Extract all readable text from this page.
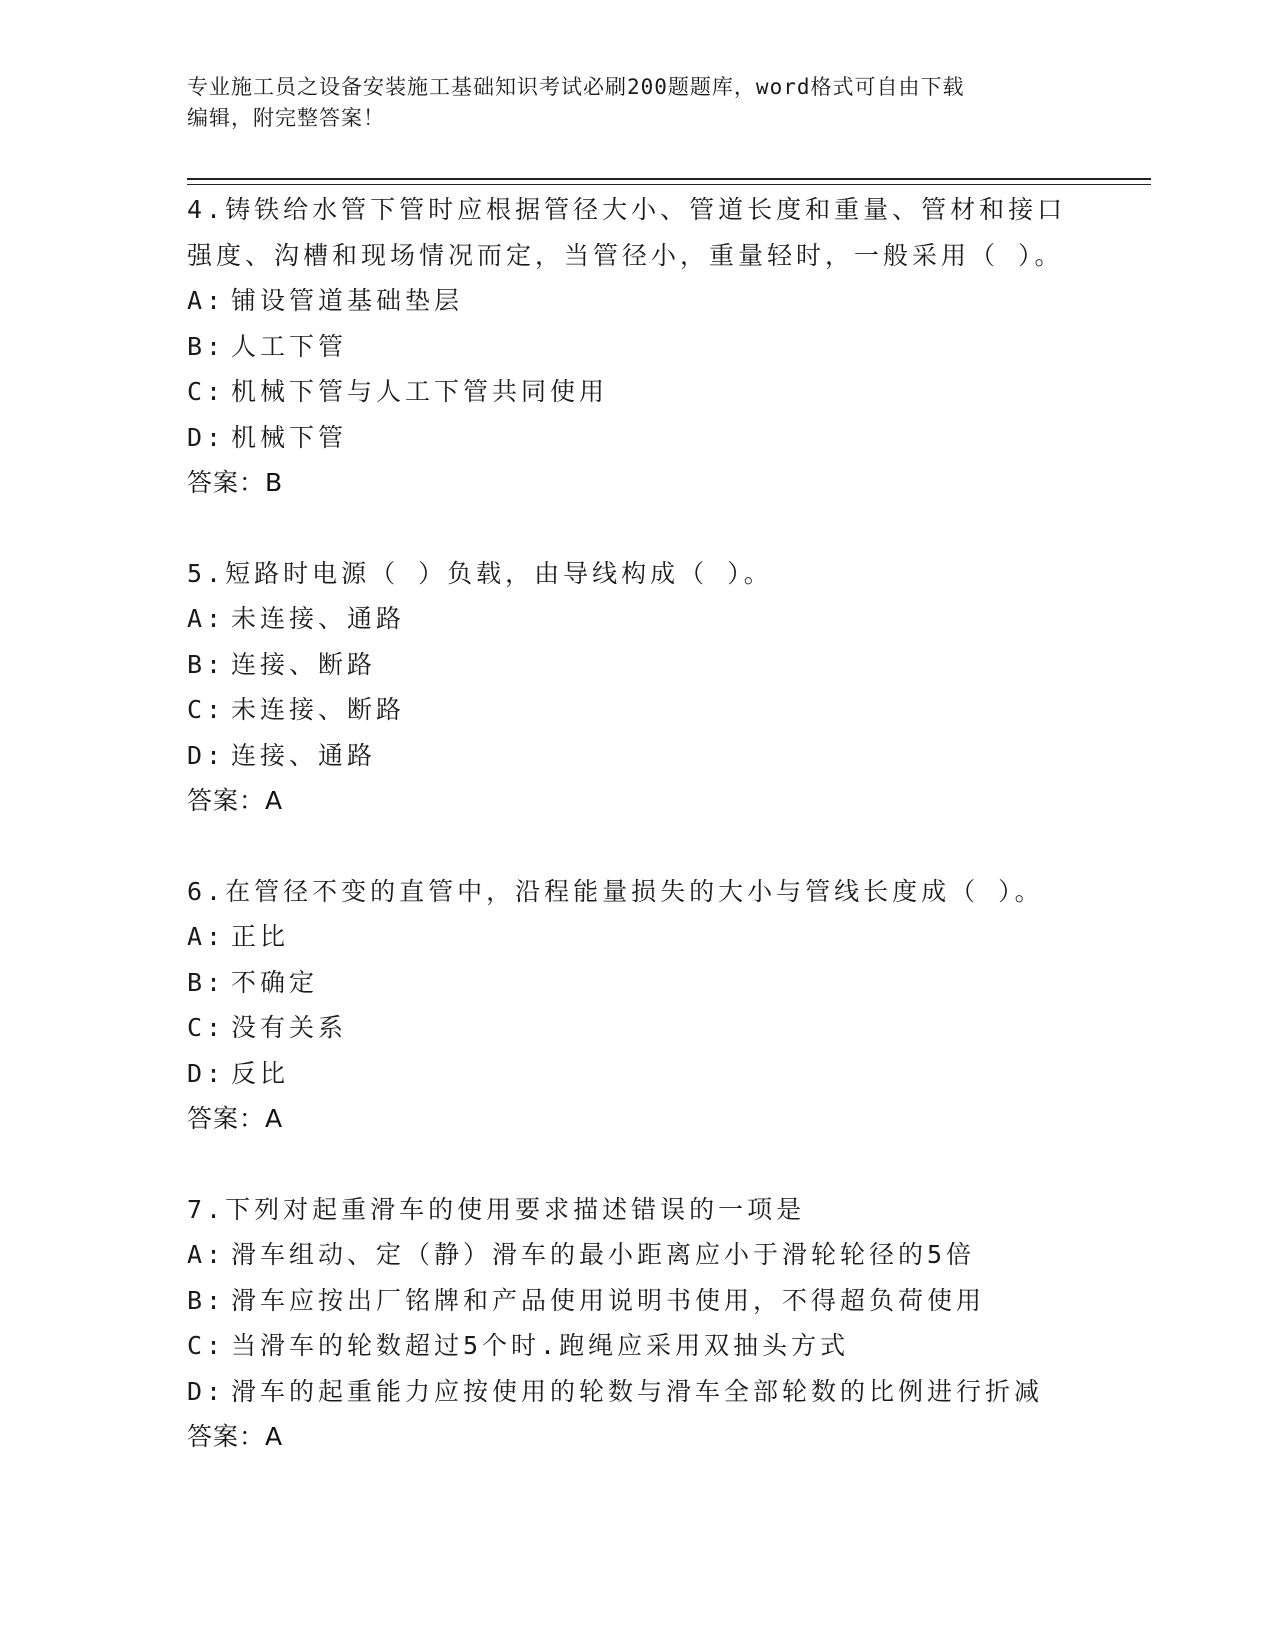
专业施工员之设备安装施工基础知识考试必刷200题题库，word格式可自由下载
编辑，附完整答案！
4.铸铁给水管下管时应根据管径大小、管道长度和重量、管材和接口
强度、沟槽和现场情况而定，当管径小，重量轻时，一般采用（ ）。
A: 铺设管道基础垫层
B: 人工下管
C: 机械下管与人工下管共同使用
D: 机械下管
答案：B
5.短路时电源（ ）负载，由导线构成（ ）。
A: 未连接、通路
B: 连接、断路
C: 未连接、断路
D: 连接、通路
答案：A
6.在管径不变的直管中，沿程能量损失的大小与管线长度成（ ）。
A: 正比
B: 不确定
C: 没有关系
D: 反比
答案：A
7.下列对起重滑车的使用要求描述错误的一项是
A: 滑车组动、定（静）滑车的最小距离应小于滑轮轮径的5倍
B: 滑车应按出厂铭牌和产品使用说明书使用，不得超负荷使用
C: 当滑车的轮数超过5个时.跑绳应采用双抽头方式
D: 滑车的起重能力应按使用的轮数与滑车全部轮数的比例进行折减
答案：A
